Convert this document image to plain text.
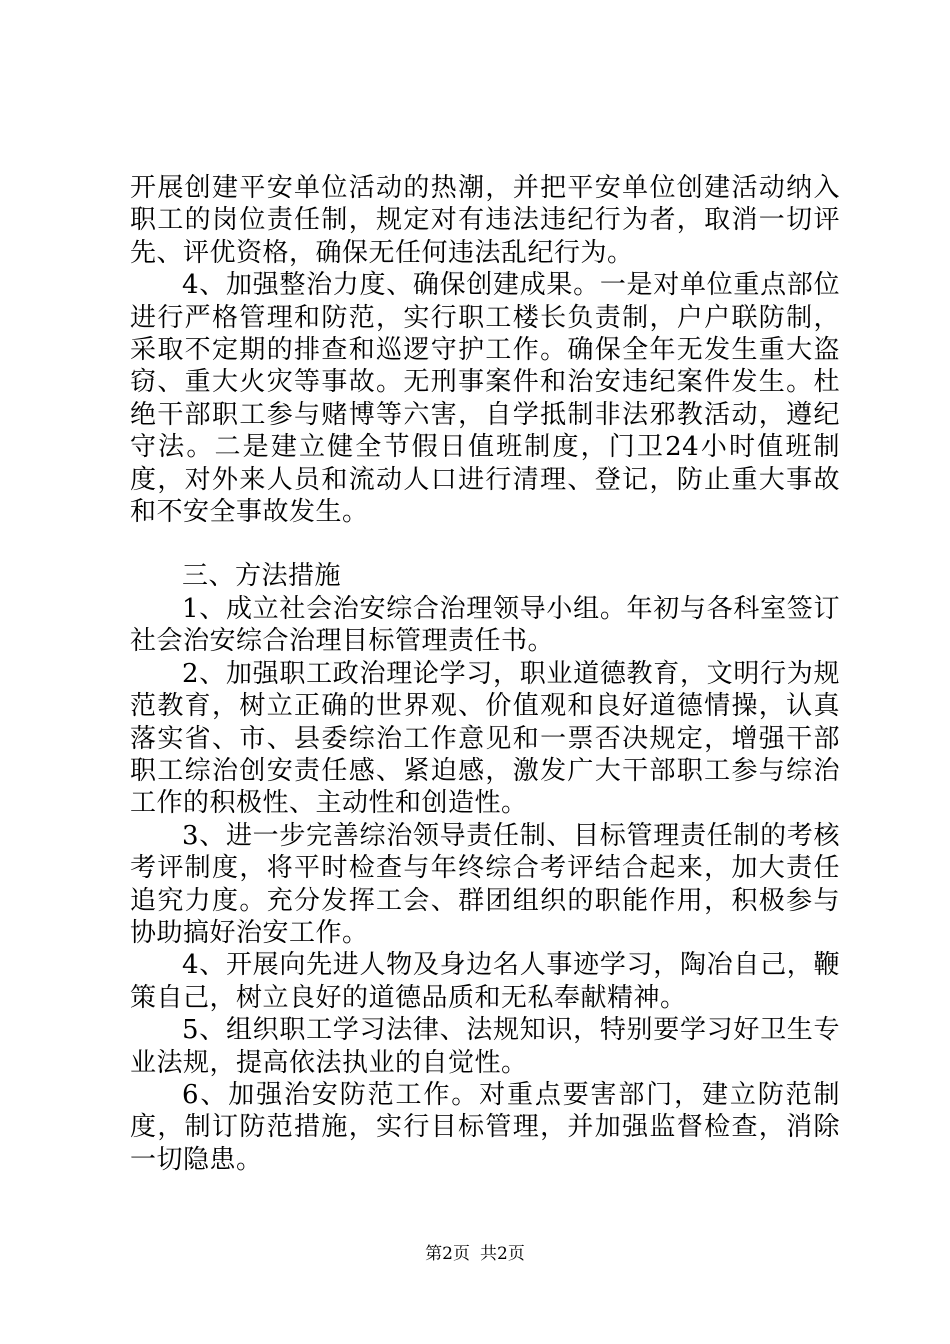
开展创建平安单位活动的热潮，并把平安单位创建活动纳入职工的岗位责任制，规定对有违法违纪行为者，取消一切评先、评优资格，确保无任何违法乱纪行为。

4、加强整治力度、确保创建成果。一是对单位重点部位进行严格管理和防范，实行职工楼长负责制，户户联防制，采取不定期的排查和巡逻守护工作。确保全年无发生重大盗窃、重大火灾等事故。无刑事案件和治安违纪案件发生。杜绝干部职工参与赌博等六害，自学抵制非法邪教活动，遵纪守法。二是建立健全节假日值班制度，门卫24小时值班制度，对外来人员和流动人口进行清理、登记，防止重大事故和不安全事故发生。

三、方法措施

1、成立社会治安综合治理领导小组。年初与各科室签订社会治安综合治理目标管理责任书。

2、加强职工政治理论学习，职业道德教育，文明行为规范教育，树立正确的世界观、价值观和良好道德情操，认真落实省、市、县委综治工作意见和一票否决规定，增强干部职工综治创安责任感、紧迫感，激发广大干部职工参与综治工作的积极性、主动性和创造性。

3、进一步完善综治领导责任制、目标管理责任制的考核考评制度，将平时检查与年终综合考评结合起来，加大责任追究力度。充分发挥工会、群团组织的职能作用，积极参与协助搞好治安工作。

4、开展向先进人物及身边名人事迹学习，陶冶自己，鞭策自己，树立良好的道德品质和无私奉献精神。

5、组织职工学习法律、法规知识，特别要学习好卫生专业法规，提高依法执业的自觉性。

6、加强治安防范工作。对重点要害部门，建立防范制度，制订防范措施，实行目标管理，并加强监督检查，消除一切隐患。

第2页 共2页
